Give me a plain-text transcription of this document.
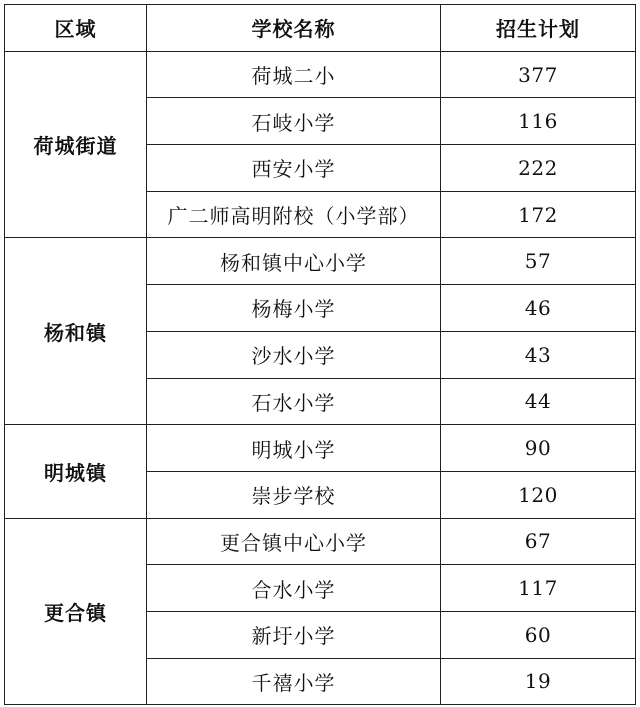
区域	学校名称	招生计划
荷城街道	荷城二小	377
	石岐小学	116
	西安小学	222
	广二师高明附校（小学部）	172
杨和镇	杨和镇中心小学	57
	杨梅小学	46
	沙水小学	43
	石水小学	44
明城镇	明城小学	90
	崇步学校	120
更合镇	更合镇中心小学	67
	合水小学	117
	新圩小学	60
	千禧小学	19
